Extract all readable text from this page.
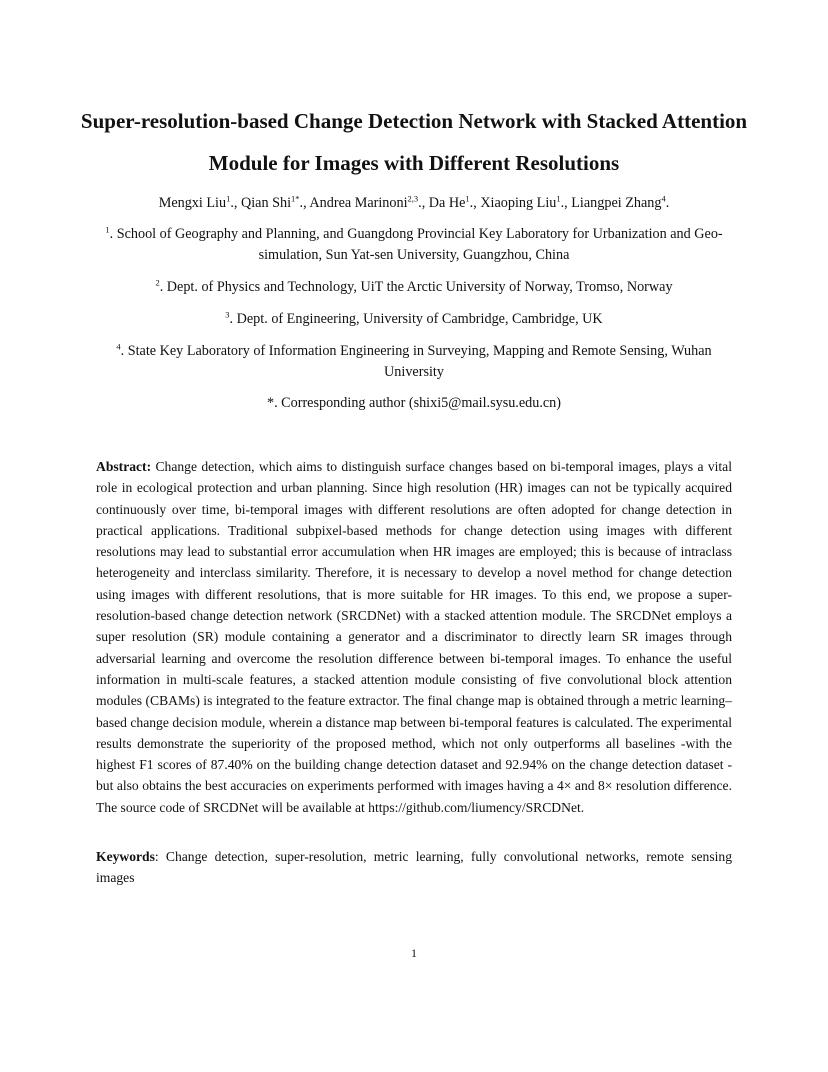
Super-resolution-based Change Detection Network with Stacked Attention Module for Images with Different Resolutions
Mengxi Liu$^1$., Qian Shi$^{1*}$., Andrea Marinoni$^{2,3}$., Da He$^1$., Xiaoping Liu$^1$., Liangpei Zhang$^4$.
$^1$. School of Geography and Planning, and Guangdong Provincial Key Laboratory for Urbanization and Geo-simulation, Sun Yat-sen University, Guangzhou, China
$^2$. Dept. of Physics and Technology, UiT the Arctic University of Norway, Tromso, Norway
$^3$. Dept. of Engineering, University of Cambridge, Cambridge, UK
$^4$. State Key Laboratory of Information Engineering in Surveying, Mapping and Remote Sensing, Wuhan University
*. Corresponding author (shixi5@mail.sysu.edu.cn)

Abstract: Change detection, which aims to distinguish surface changes based on bi-temporal images, plays a vital role in ecological protection and urban planning. Since high resolution (HR) images can not be typically acquired continuously over time, bi-temporal images with different resolutions are often adopted for change detection in practical applications. Traditional subpixel-based methods for change detection using images with different resolutions may lead to substantial error accumulation when HR images are employed; this is because of intraclass heterogeneity and interclass similarity. Therefore, it is necessary to develop a novel method for change detection using images with different resolutions, that is more suitable for HR images. To this end, we propose a super-resolution-based change detection network (SRCDNet) with a stacked attention module. The SRCDNet employs a super resolution (SR) module containing a generator and a discriminator to directly learn SR images through adversarial learning and overcome the resolution difference between bi-temporal images. To enhance the useful information in multi-scale features, a stacked attention module consisting of five convolutional block attention modules (CBAMs) is integrated to the feature extractor. The final change map is obtained through a metric learning–based change decision module, wherein a distance map between bi-temporal features is calculated. The experimental results demonstrate the superiority of the proposed method, which not only outperforms all baselines -with the highest F1 scores of 87.40% on the building change detection dataset and 92.94% on the change detection dataset -but also obtains the best accuracies on experiments performed with images having a 4× and 8× resolution difference. The source code of SRCDNet will be available at https://github.com/liumency/SRCDNet.

Keywords: Change detection, super-resolution, metric learning, fully convolutional networks, remote sensing images

1
